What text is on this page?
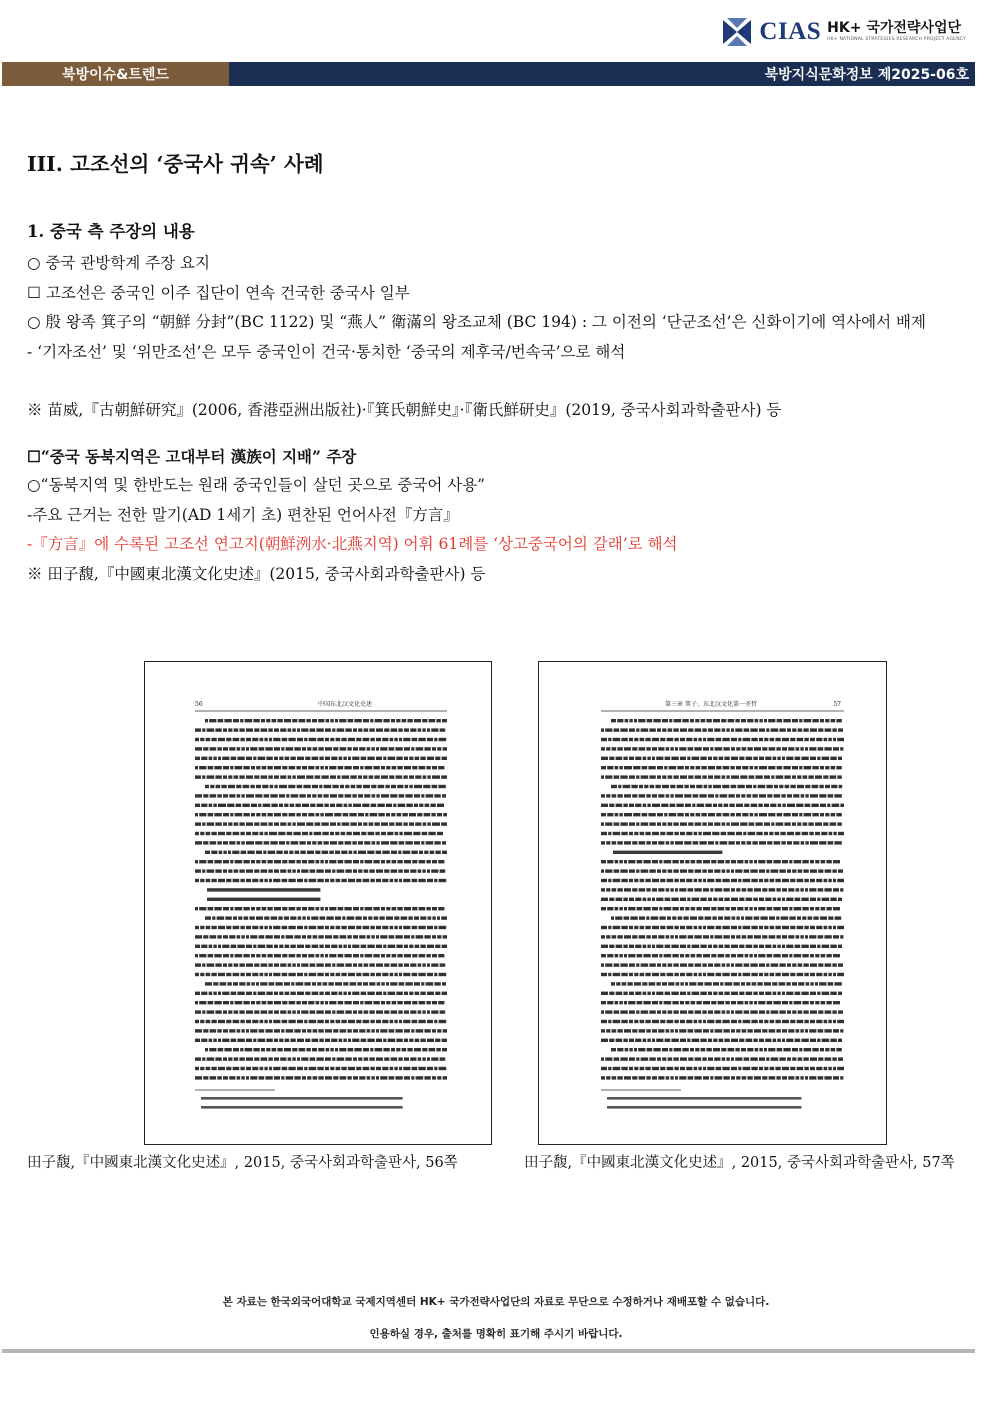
CIAS HK+ 국가전략사업단
HK+ NATIONAL STRATEGIES RESEARCH PROJECT AGENCY
북방이슈&트렌드	북방지식문화정보 제2025-06호
III. 고조선의 ‘중국사 귀속’ 사례
1. 중국 측 주장의 내용

○ 중국 관방학계 주장 요지

☐ 고조선은 중국인 이주 집단이 연속 건국한 중국사 일부

○ 殷 왕족 箕子의 “朝鮮 分封”(BC 1122) 및 “燕人” 衛滿의 왕조교체 (BC 194) : 그 이전의 ‘단군조선’은 신화이기에 역사에서 배제

- ‘기자조선’ 및 ‘위만조선’은 모두 중국인이 건국·통치한 ‘중국의 제후국/번속국’으로 해석

※ 苗威,『古朝鮮研究』(2006, 香港亞洲出版社)·『箕氏朝鮮史』·『衛氏鮮研史』(2019, 중국사회과학출판사) 등

☐“중국 동북지역은 고대부터 漢族이 지배” 주장

○“동북지역 및 한반도는 원래 중국인들이 살던 곳으로 중국어 사용”

-주요 근거는 전한 말기(AD 1세기 초) 편찬된 언어사전『方言』

-『方言』에 수록된 고조선 연고지(朝鮮洌水·北燕지역) 어휘 61례를 ‘상고중국어의 갈래’로 해석

※ 田子馥,『中國東北漢文化史述』(2015, 중국사회과학출판사) 등

56	中国东北汉文化史述	第三章 箕子、东北汉文化第一圣哲	57
田子馥,『中國東北漢文化史述』, 2015, 중국사회과학출판사, 56쪽	田子馥,『中國東北漢文化史述』, 2015, 중국사회과학출판사, 57쪽
본 자료는 한국외국어대학교 국제지역센터 HK+ 국가전략사업단의 자료로 무단으로 수정하거나 재배포할 수 없습니다.
인용하실 경우, 출처를 명확히 표기해 주시기 바랍니다.
